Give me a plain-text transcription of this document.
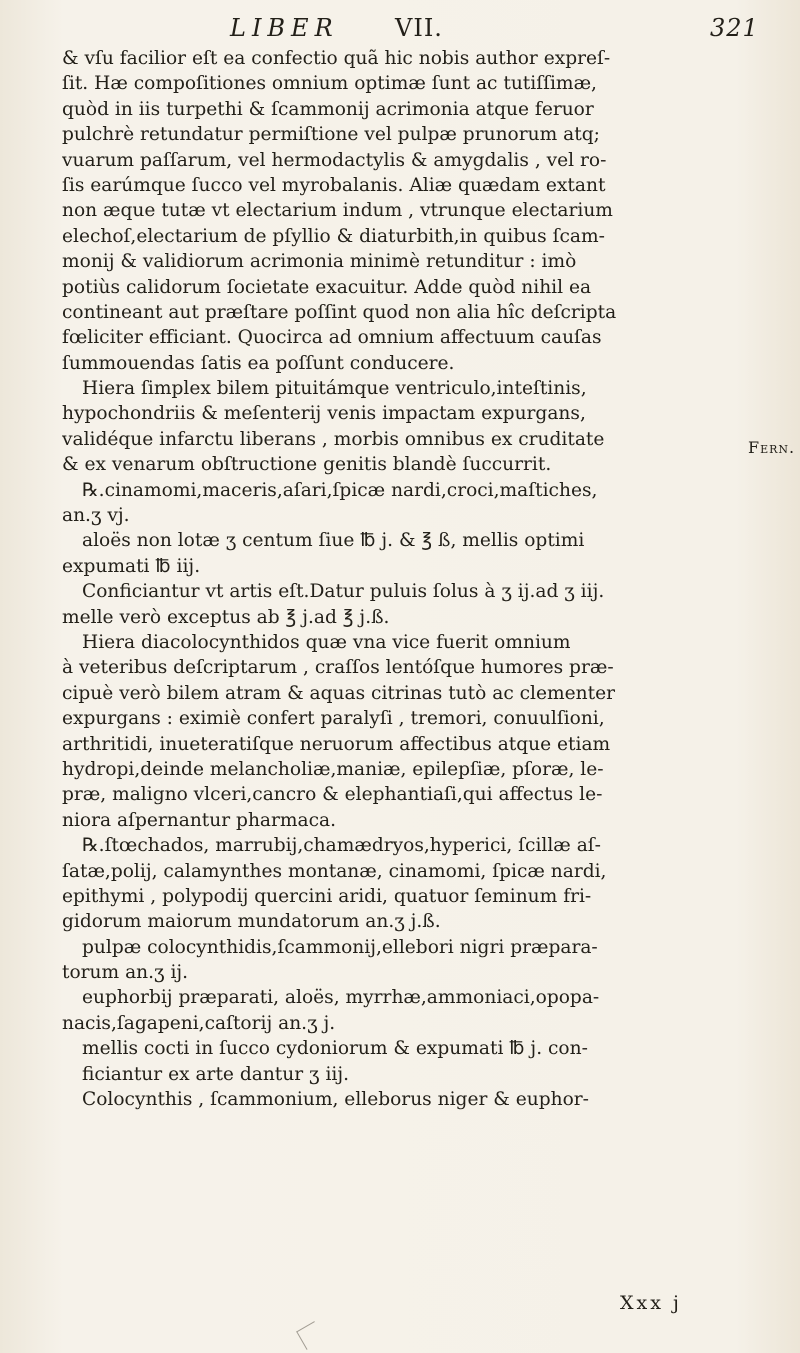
LIBER VII.	321
& vſu facilior eſt ea confectio quã hic nobis author expreſ-
ſit. Hæ compoſitiones omnium optimæ ſunt ac tutiſſimæ,
quòd in iis turpethi & ſcammonij acrimonia atque feruor
pulchrè retundatur permiſtione vel pulpæ prunorum atq;
vuarum paſſarum, vel hermodactylis & amygdalis , vel ro-
ſis earúmque ſucco vel myrobalanis. Aliæ quædam extant
non æque tutæ vt electarium indum , vtrunque electarium
elechoſ,electarium de pſyllio & diaturbith,in quibus ſcam-
monij & validiorum acrimonia minimè retunditur : imò
potiùs calidorum ſocietate exacuitur. Adde quòd nihil ea
contineant aut præſtare poſſint quod non alia hîc deſcripta
fœliciter efficiant. Quocirca ad omnium affectuum cauſas
ſummouendas ſatis ea poſſunt conducere.
Hiera ſimplex bilem pituitámque ventriculo,inteſtinis,
hypochondriis & meſenterij venis impactam expurgans,
validéque infarctu liberans , morbis omnibus ex cruditate
& ex venarum obſtructione genitis blandè ſuccurrit.
℞.cinamomi,maceris,aſari,ſpicæ nardi,croci,maſtiches,
an.ʒ vj.
aloës non lotæ ʒ centum ſiue ℔ j. & ℥ ß, mellis optimi
expumati ℔ iij.
Conficiantur vt artis eſt.Datur puluis ſolus à ʒ ij.ad ʒ iij.
melle verò exceptus ab ℥ j.ad ℥ j.ß.
Hiera diacolocynthidos quæ vna vice fuerit omnium
à veteribus deſcriptarum , craſſos lentóſque humores præ-
cipuè verò bilem atram & aquas citrinas tutò ac clementer
expurgans : eximiè confert paralyſi , tremori, conuulſioni,
arthritidi, inueteratiſque neruorum affectibus atque etiam
hydropi,deinde melancholiæ,maniæ, epilepſiæ, pſoræ, le-
præ, maligno vlceri,cancro & elephantiaſi,qui affectus le-
niora aſpernantur pharmaca.
℞.ſtœchados, marrubij,chamædryos,hyperici, ſcillæ aſ-
ſatæ,polij, calamynthes montanæ, cinamomi, ſpicæ nardi,
epithymi , polypodij quercini aridi, quatuor ſeminum fri-
gidorum maiorum mundatorum an.ʒ j.ß.
pulpæ colocynthidis,ſcammonij,ellebori nigri præpara-
torum an.ʒ ij.
euphorbij præparati, aloës, myrrhæ,ammoniaci,opopa-
nacis,ſagapeni,caſtorij an.ʒ j.
mellis cocti in ſucco cydoniorum & expumati ℔ j. con-
ficiantur ex arte dantur ʒ iij.
Colocynthis , ſcammonium, elleborus niger & euphor-
Fern.
Xxx j
